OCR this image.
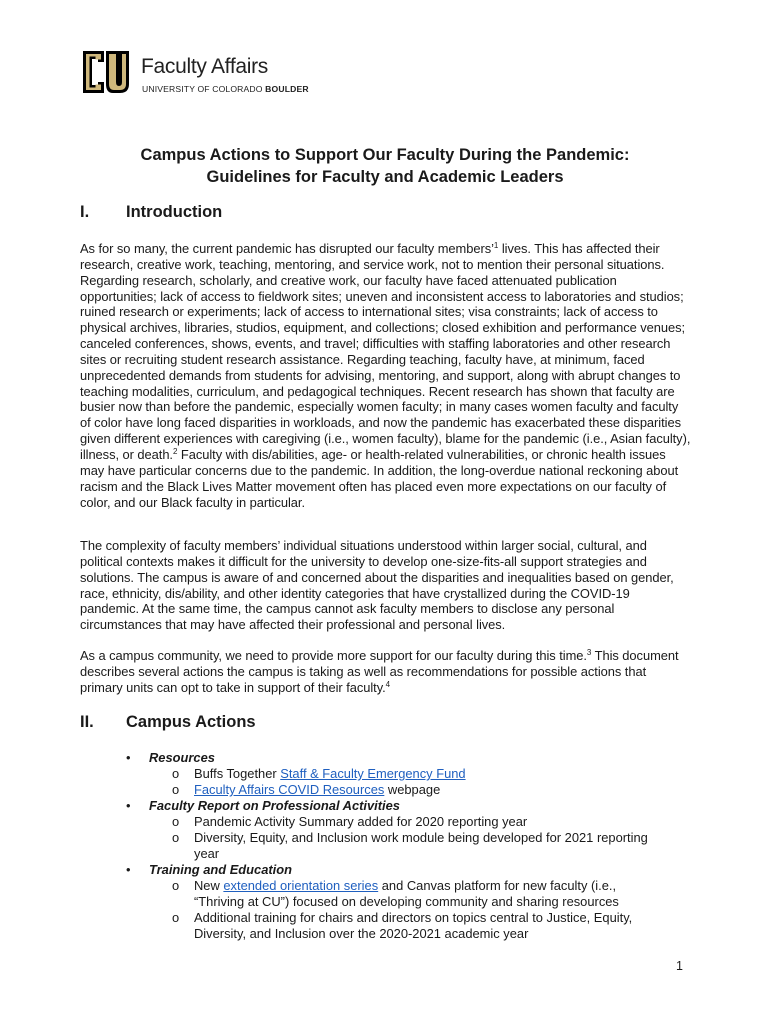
Faculty Affairs
UNIVERSITY OF COLORADO BOULDER
Campus Actions to Support Our Faculty During the Pandemic:
Guidelines for Faculty and Academic Leaders
I. Introduction

As for so many, the current pandemic has disrupted our faculty members’$^1$ lives. This has affected their research, creative work, teaching, mentoring, and service work, not to mention their personal situations. Regarding research, scholarly, and creative work, our faculty have faced attenuated publication opportunities; lack of access to fieldwork sites; uneven and inconsistent access to laboratories and studios; ruined research or experiments; lack of access to international sites; visa constraints; lack of access to physical archives, libraries, studios, equipment, and collections; closed exhibition and performance venues; canceled conferences, shows, events, and travel; difficulties with staffing laboratories and other research sites or recruiting student research assistance. Regarding teaching, faculty have, at minimum, faced unprecedented demands from students for advising, mentoring, and support, along with abrupt changes to teaching modalities, curriculum, and pedagogical techniques. Recent research has shown that faculty are busier now than before the pandemic, especially women faculty; in many cases women faculty and faculty of color have long faced disparities in workloads, and now the pandemic has exacerbated these disparities given different experiences with caregiving (i.e., women faculty), blame for the pandemic (i.e., Asian faculty), illness, or death.$^2$ Faculty with dis/abilities, age- or health-related vulnerabilities, or chronic health issues may have particular concerns due to the pandemic. In addition, the long-overdue national reckoning about racism and the Black Lives Matter movement often has placed even more expectations on our faculty of color, and our Black faculty in particular.

The complexity of faculty members’ individual situations understood within larger social, cultural, and political contexts makes it difficult for the university to develop one-size-fits-all support strategies and solutions. The campus is aware of and concerned about the disparities and inequalities based on gender, race, ethnicity, dis/ability, and other identity categories that have crystallized during the COVID-19 pandemic. At the same time, the campus cannot ask faculty members to disclose any personal circumstances that may have affected their professional and personal lives.

As a campus community, we need to provide more support for our faculty during this time.$^3$ This document describes several actions the campus is taking as well as recommendations for possible actions that primary units can opt to take in support of their faculty.$^4$

II. Campus Actions
• Resources
o Buffs Together Staff & Faculty Emergency Fund
o Faculty Affairs COVID Resources webpage
• Faculty Report on Professional Activities
o Pandemic Activity Summary added for 2020 reporting year
o Diversity, Equity, and Inclusion work module being developed for 2021 reporting year
• Training and Education
o New extended orientation series and Canvas platform for new faculty (i.e., “Thriving at CU”) focused on developing community and sharing resources
o Additional training for chairs and directors on topics central to Justice, Equity, Diversity, and Inclusion over the 2020-2021 academic year
1
